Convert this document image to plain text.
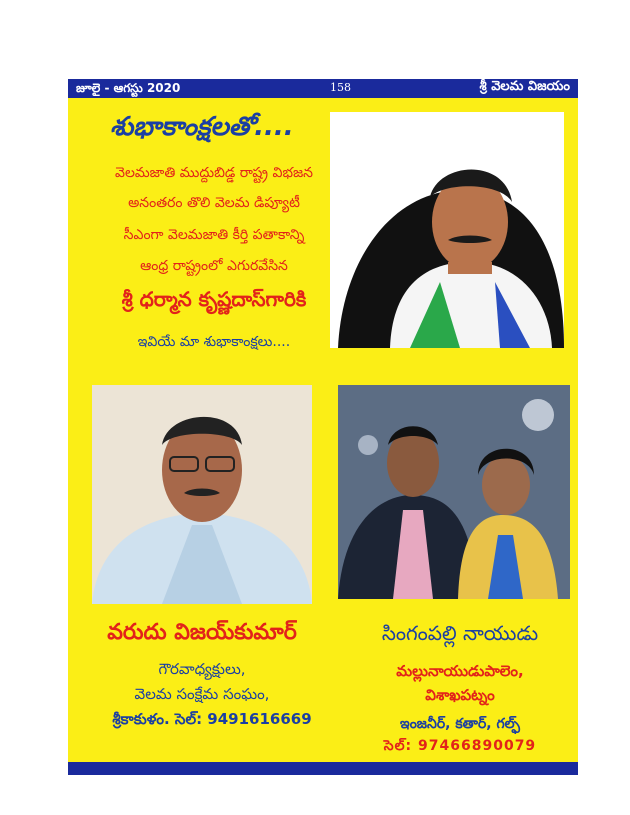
జూలై - ఆగస్టు 2020	158	శ్రీ వెలమ విజయం
శుభాకాంక్షలతో....
వెలమజాతి ముద్దుబిడ్డ రాష్ట్ర విభజన
అనంతరం తొలి వెలమ డిప్యూటీ
సీఎంగా వెలమజాతి కీర్తి పతాకాన్ని
ఆంధ్ర రాష్ట్రంలో ఎగురవేసిన
శ్రీ ధర్మాన కృష్ణదాస్‌గారికి
ఇవియే మా శుభాకాంక్షలు....
వరుదు విజయ్‌కుమార్
గౌరవాధ్యక్షులు,
వెలమ సంక్షేమ సంఘం,
శ్రీకాకుళం. సెల్: 9491616669
సింగంపల్లి నాయుడు
మల్లునాయుడుపాలెం,
విశాఖపట్నం
ఇంజనీర్, కతార్, గల్ఫ్
సెల్: 97466890079
